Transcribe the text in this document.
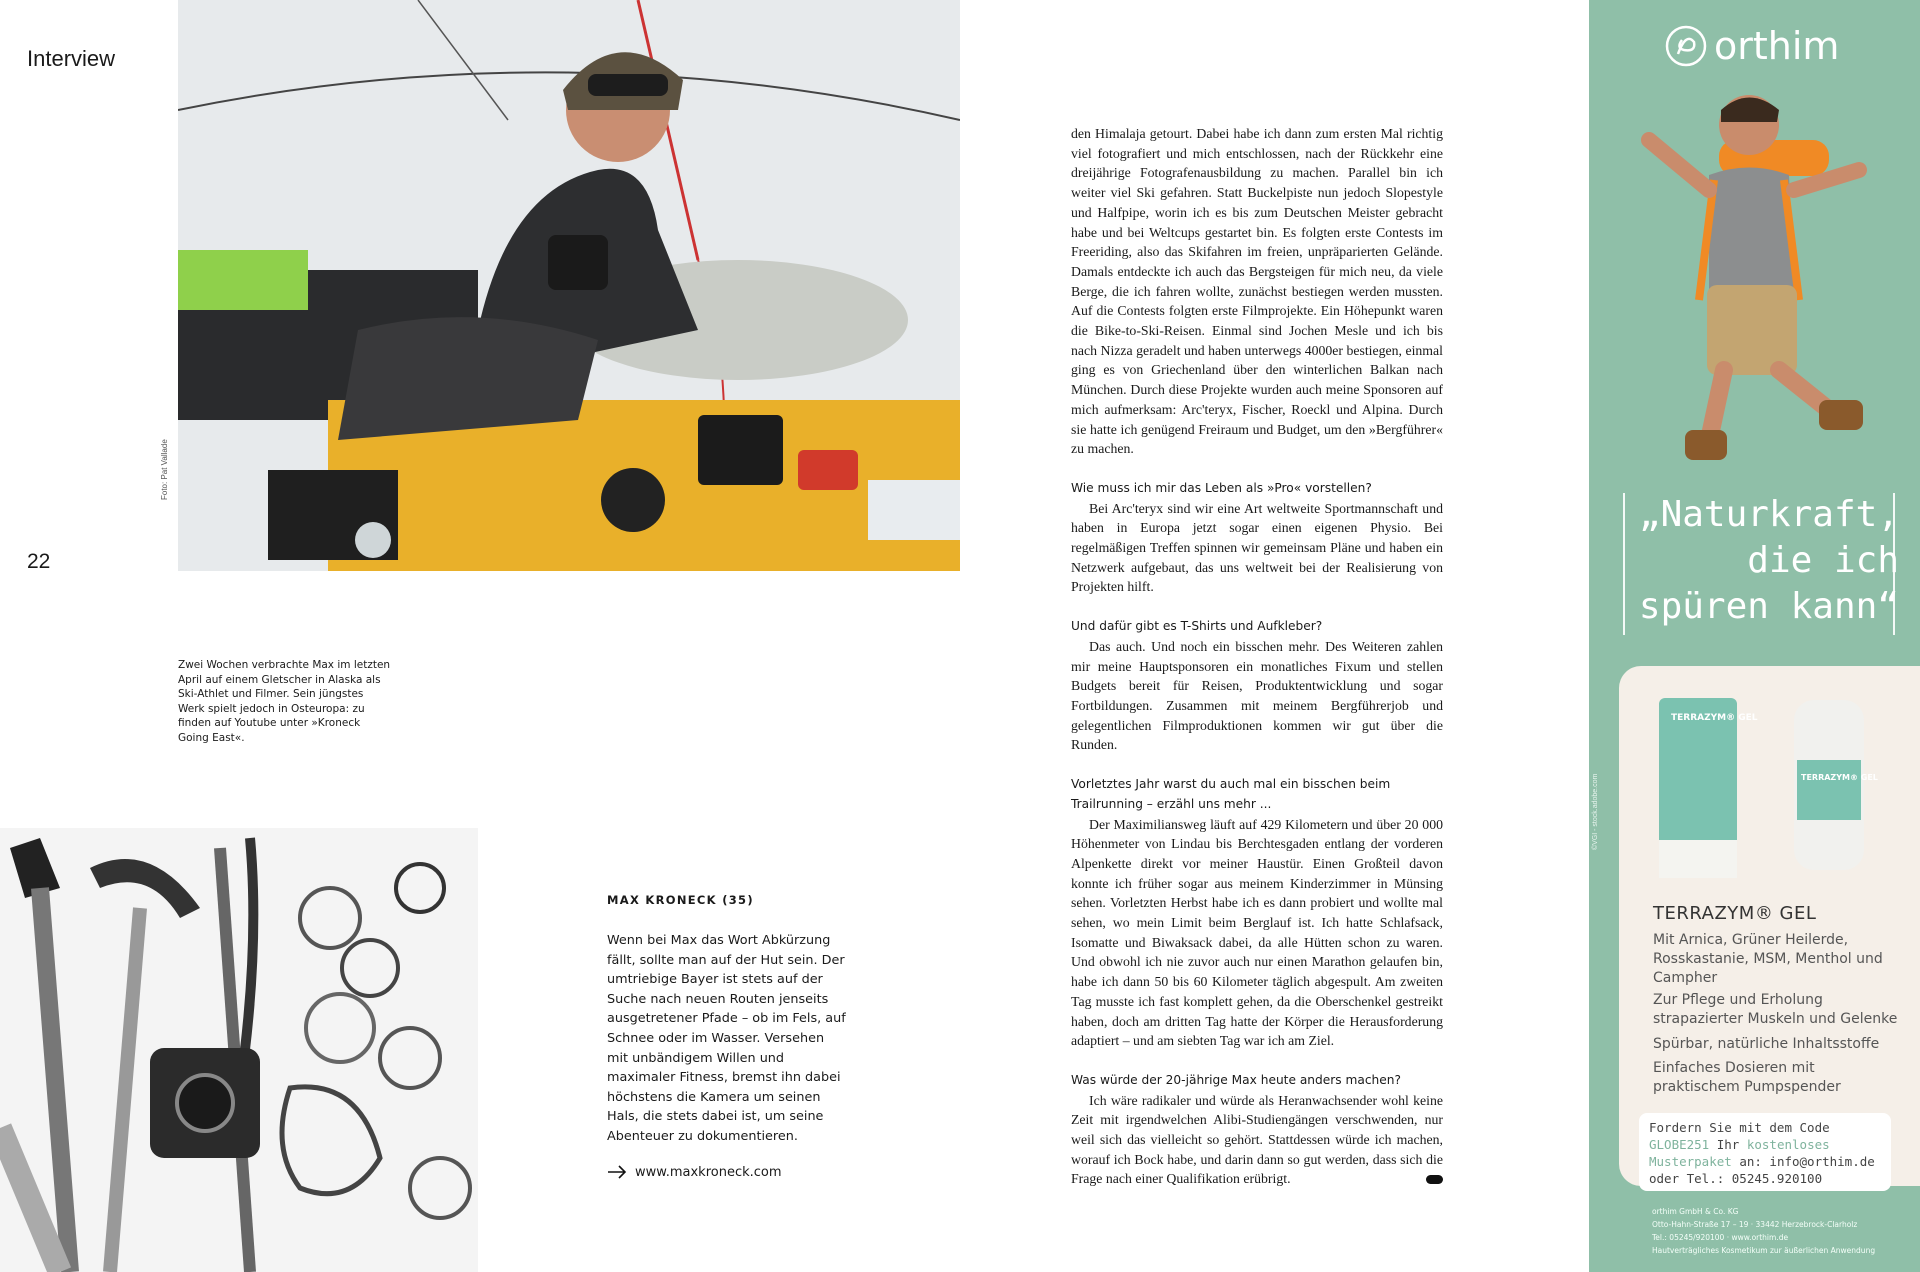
Interview
22
Foto: Pat Vallade
Zwei Wochen verbrachte Max im letzten April auf einem Gletscher in Alaska als Ski-Athlet und Filmer. Sein jüngstes Werk spielt jedoch in Osteuropa: zu finden auf Youtube unter »Kroneck Going East«.
MAX KRONECK (35)
Wenn bei Max das Wort Abkürzung fällt, sollte man auf der Hut sein. Der umtriebige Bayer ist stets auf der Suche nach neuen Routen jenseits ausgetretener Pfade – ob im Fels, auf Schnee oder im Wasser. Versehen mit unbändigem Willen und maximaler Fitness, bremst ihn dabei höchstens die Kamera um seinen Hals, die stets dabei ist, um seine Abenteuer zu dokumentieren.
www.maxkroneck.com

den Himalaja getourt. Dabei habe ich dann zum ersten Mal richtig viel fotografiert und mich entschlossen, nach der Rückkehr eine dreijährige Fotografenausbildung zu machen. Parallel bin ich weiter viel Ski gefahren. Statt Buckelpiste nun jedoch Slopestyle und Halfpipe, worin ich es bis zum Deutschen Meister gebracht habe und bei Weltcups gestartet bin. Es folgten erste Contests im Freeriding, also das Skifahren im freien, unpräparierten Gelände. Damals entdeckte ich auch das Bergsteigen für mich neu, da viele Berge, die ich fahren wollte, zunächst bestiegen werden mussten. Auf die Contests folgten erste Filmprojekte. Ein Höhepunkt waren die Bike-to-Ski-Reisen. Einmal sind Jochen Mesle und ich bis nach Nizza geradelt und haben unterwegs 4000er bestiegen, einmal ging es von Griechenland über den winterlichen Balkan nach München. Durch diese Projekte wurden auch meine Sponsoren auf mich aufmerksam: Arc'teryx, Fischer, Roeckl und Alpina. Durch sie hatte ich genügend Freiraum und Budget, um den »Bergführer« zu machen.

Wie muss ich mir das Leben als »Pro« vorstellen?

Bei Arc'teryx sind wir eine Art weltweite Sportmannschaft und haben in Europa jetzt sogar einen eigenen Physio. Bei regelmäßigen Treffen spinnen wir gemeinsam Pläne und haben ein Netzwerk aufgebaut, das uns weltweit bei der Realisierung von Projekten hilft.

Und dafür gibt es T-Shirts und Aufkleber?

Das auch. Und noch ein bisschen mehr. Des Weiteren zahlen mir meine Hauptsponsoren ein monatliches Fixum und stellen Budgets bereit für Reisen, Produktentwicklung und sogar Fortbildungen. Zusammen mit meinem Bergführerjob und gelegentlichen Filmproduktionen kommen wir gut über die Runden.

Vorletztes Jahr warst du auch mal ein bisschen beim Trailrunning – erzähl uns mehr ...

Der Maximiliansweg läuft auf 429 Kilometern und über 20 000 Höhenmeter von Lindau bis Berchtesgaden entlang der vorderen Alpenkette direkt vor meiner Haustür. Einen Großteil davon konnte ich früher sogar aus meinem Kinderzimmer in Münsing sehen. Vorletzten Herbst habe ich es dann probiert und wollte mal sehen, wo mein Limit beim Berglauf ist. Ich hatte Schlafsack, Isomatte und Biwaksack dabei, da alle Hütten schon zu waren. Und obwohl ich nie zuvor auch nur einen Marathon gelaufen bin, habe ich dann 50 bis 60 Kilometer täglich abgespult. Am zweiten Tag musste ich fast komplett gehen, da die Oberschenkel gestreikt haben, doch am dritten Tag hatte der Körper die Herausforderung adaptiert – und am siebten Tag war ich am Ziel.

Was würde der 20-jährige Max heute anders machen?

Ich wäre radikaler und würde als Heranwachsender wohl keine Zeit mit irgendwelchen Alibi-Studiengängen verschwenden, nur weil sich das vielleicht so gehört. Stattdessen würde ich machen, worauf ich Bock habe, und darin dann so gut werden, dass sich die Frage nach einer Qualifikation erübrigt.

orthim
„Naturkraft, die ich spüren kann“
TERRAZYM® GEL
TERRAZYM® GEL
TERRAZYM® GEL
Mit Arnica, Grüner Heilerde, Rosskastanie, MSM, Menthol und Campher
Zur Pflege und Erholung strapazierter Muskeln und Gelenke
Spürbar, natürliche Inhaltsstoffe
Einfaches Dosieren mit praktischem Pumpspender
Fordern Sie mit dem Code
GLOBE251 Ihr kostenloses
Musterpaket an: info@orthim.de
oder Tel.: 05245.920100
orthim GmbH & Co. KG
Otto-Hahn-Straße 17 – 19 · 33442 Herzebrock-Clarholz
Tel.: 05245/920100 · www.orthim.de
Hautverträgliches Kosmetikum zur äußerlichen Anwendung
©VGI - stock.adobe.com
